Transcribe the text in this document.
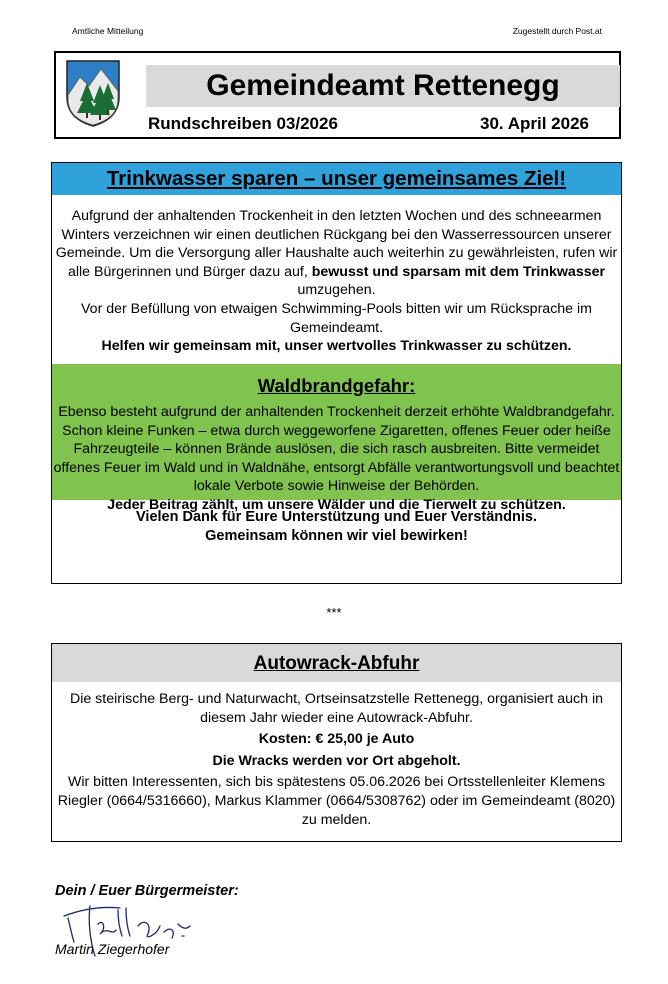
Amtliche Mitteilung	Zugestellt durch Post.at
Gemeindeamt Rettenegg
Rundschreiben 03/2026	30. April 2026
Trinkwasser sparen – unser gemeinsames Ziel!
Aufgrund der anhaltenden Trockenheit in den letzten Wochen und des schneearmen Winters verzeichnen wir einen deutlichen Rückgang bei den Wasserressourcen unserer Gemeinde. Um die Versorgung aller Haushalte auch weiterhin zu gewährleisten, rufen wir alle Bürgerinnen und Bürger dazu auf, bewusst und sparsam mit dem Trinkwasser umzugehen.
Vor der Befüllung von etwaigen Schwimming-Pools bitten wir um Rücksprache im Gemeindeamt.
Helfen wir gemeinsam mit, unser wertvolles Trinkwasser zu schützen.
Waldbrandgefahr:
Ebenso besteht aufgrund der anhaltenden Trockenheit derzeit erhöhte Waldbrandgefahr. Schon kleine Funken – etwa durch weggeworfene Zigaretten, offenes Feuer oder heiße Fahrzeugteile – können Brände auslösen, die sich rasch ausbreiten. Bitte vermeidet offenes Feuer im Wald und in Waldnähe, entsorgt Abfälle verantwortungsvoll und beachtet lokale Verbote sowie Hinweise der Behörden.
Jeder Beitrag zählt, um unsere Wälder und die Tierwelt zu schützen.
Vielen Dank für Eure Unterstützung und Euer Verständnis.
Gemeinsam können wir viel bewirken!
***
Autowrack-Abfuhr
Die steirische Berg- und Naturwacht, Ortseinsatzstelle Rettenegg, organisiert auch in diesem Jahr wieder eine Autowrack-Abfuhr.
Kosten: € 25,00 je Auto
Die Wracks werden vor Ort abgeholt.
Wir bitten Interessenten, sich bis spätestens 05.06.2026 bei Ortsstellenleiter Klemens Riegler (0664/5316660), Markus Klammer (0664/5308762) oder im Gemeindeamt (8020) zu melden.
Dein / Euer Bürgermeister:
Martin Ziegerhofer
